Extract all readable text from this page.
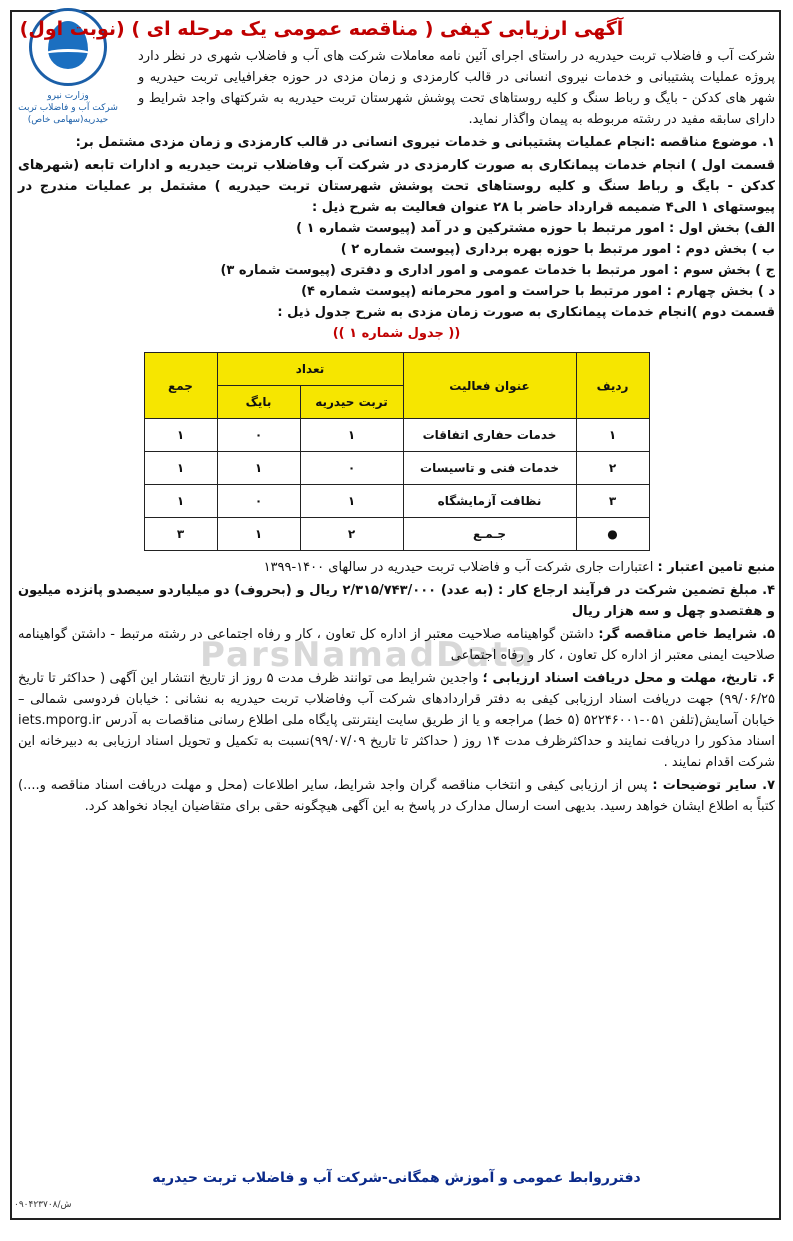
ParsNamadData
وزارت نیرو
شرکت آب و فاضلاب تربت
حیدریه(سهامی خاص)
آگهی ارزیابی کیفی ( مناقصه عمومی یک مرحله ای ) (نوبت اول)

شرکت آب و فاضلاب تربت حیدریه در راستای اجرای آئین نامه معاملات شرکت های آب و فاضلاب شهری در نظر دارد پروژه عملیات پشتیبانی و خدمات نیروی انسانی در قالب کارمزدی و زمان مزدی در حوزه جغرافیایی تربت حیدریه و شهر های کدکن - بایگ و رباط سنگ و کلیه روستاهای تحت پوشش شهرستان تربت حیدریه به شرکتهای واجد شرایط و دارای سابقه مفید در رشته مربوطه به پیمان واگذار نماید.

۱. موضوع مناقصه :انجام عملیات پشتیبانی و خدمات نیروی انسانی در قالب کارمزدی و زمان مزدی مشتمل بر:

قسمت اول ) انجام خدمات پیمانکاری به صورت کارمزدی در شرکت آب وفاضلاب تربت حیدریه و ادارات تابعه (شهرهای کدکن - بایگ و رباط سنگ و کلیه روستاهای تحت پوشش شهرستان تربت حیدریه ) مشتمل بر عملیات مندرج در پیوستهای ۱ الی۴ ضمیمه قرارداد حاضر با ۲۸ عنوان فعالیت به شرح ذیل :

الف) بخش اول : امور مرتبط با حوزه مشترکین و در آمد (پیوست شماره ۱ )

ب ) بخش دوم : امور مرتبط با حوزه بهره برداری (پیوست شماره ۲ )

ج ) بخش سوم : امور مرتبط با خدمات عمومی و امور اداری و دفتری (پیوست شماره ۳)

د ) بخش چهارم : امور مرتبط با حراست و امور محرمانه (پیوست شماره ۴)

قسمت دوم )انجام خدمات پیمانکاری به صورت زمان مزدی به شرح جدول ذیل :

(( جدول شماره ۱ ))

ردیف	عنوان فعالیت	تعداد		جمع
		تربت حیدریه	بایگ	
۱	خدمات حفاری اتفاقات	۱	۰	۱
۲	خدمات فنی و تاسیسات	۰	۱	۱
۳	نظافت آزمایشگاه	۱	۰	۱
●	جـمـع	۲	۱	۳

منبع تامین اعتبار : اعتبارات جاری شرکت آب و فاضلاب تربت حیدریه در سالهای ۱۴۰۰-۱۳۹۹

۴. مبلغ تضمین شرکت در فرآیند ارجاع کار : (به عدد) ۲/۳۱۵/۷۴۳/۰۰۰ ریال و (بحروف) دو میلیاردو سیصدو پانزده میلیون و هفتصدو چهل و سه هزار ریال

۵. شرایط خاص مناقصه گر: داشتن گواهینامه صلاحیت معتبر از اداره کل تعاون ، کار و رفاه اجتماعی در رشته مرتبط - داشتن گواهینامه صلاحیت ایمنی معتبر از اداره کل تعاون ، کار و رفاه اجتماعی

۶. تاریخ، مهلت و محل دریافت اسناد ارزیابی ؛ واجدین شرایط می توانند ظرف مدت ۵ روز از تاریخ انتشار این آگهی ( حداکثر تا تاریخ ۹۹/۰۶/۲۵) جهت دریافت اسناد ارزیابی کیفی به دفتر قراردادهای شرکت آب وفاضلاب تربت حیدریه به نشانی : خیابان فردوسی شمالی – خیابان آسایش(تلفن ۰۵۱-۵۲۲۴۶۰۰۱ (۵ خط) مراجعه و یا از طریق سایت اینترنتی پایگاه ملی اطلاع رسانی مناقصات به آدرس iets.mporg.ir اسناد مذکور را دریافت نمایند و حداکثرظرف مدت ۱۴ روز ( حداکثر تا تاریخ ۹۹/۰۷/۰۹)نسبت به تکمیل و تحویل اسناد ارزیابی به دبیرخانه این شرکت اقدام نمایند .

۷. سایر توضیحات : پس از ارزیابی کیفی و انتخاب مناقصه گران واجد شرایط، سایر اطلاعات (محل و مهلت دریافت اسناد مناقصه و....) کتباً به اطلاع ایشان خواهد رسید. بدیهی است ارسال مدارک در پاسخ به این آگهی هیچگونه حقی برای متقاضیان ایجاد نخواهد کرد.

دفترروابط عمومی و آموزش همگانی-شرکت آب و فاضلاب تربت حیدریه
۰۹۰۴۲۳۷۰۸/ش
